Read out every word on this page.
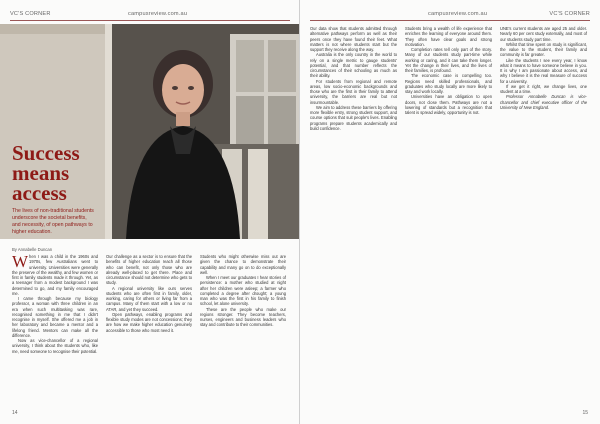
VC'S CORNER	campusreview.com.au
Success means access
The lives of non-traditional students underscore the societal benefits, and necessity, of open pathways to higher education.
By Annabelle Duncan

When I was a child in the 1960s and 1970s, few Australians went to university. Universities were generally the preserve of the wealthy, and few women or first in family students made it through. Yet, as a teenager from a modest background I was determined to go, and my family encouraged me.

I came through because my biology professor, a woman with three children in an era when such multitasking was rare, recognised something in me that I didn't recognise in myself. She offered me a job in her laboratory and became a mentor and a lifelong friend. Mentors can make all the difference.

Now as vice-chancellor of a regional university, I think about the students who, like me, need someone to recognise their potential.

Our challenge as a sector is to ensure that the benefits of higher education reach all those who can benefit, not only those who are already well-placed to get there. Place and circumstance should not determine who gets to study.

A regional university like ours serves students who are often first in family, older, working, caring for others or living far from a campus. Many of them start with a low or no ATAR, and yet they succeed.

Open pathways, enabling programs and flexible study modes are not concessions; they are how we make higher education genuinely accessible to those who most need it.

Students who might otherwise miss out are given the chance to demonstrate their capability and many go on to do exceptionally well.

When I meet our graduates I hear stories of persistence: a mother who studied at night after her children were asleep; a farmer who completed a degree after drought; a young man who was the first in his family to finish school, let alone university.

These are the people who make our regions stronger. They become teachers, nurses, engineers and business leaders who stay and contribute to their communities.

14
campusreview.com.au	VC'S CORNER

Our data show that students admitted through alternative pathways perform as well as their peers once they have found their feet. What matters is not where students start but the support they receive along the way.

Australia is the only country in the world to rely on a single metric to gauge students' potential, and that number reflects the circumstances of their schooling as much as their ability.

For students from regional and remote areas, low socio-economic backgrounds and those who are the first in their family to attend university, the barriers are real but not insurmountable.

We aim to address these barriers by offering more flexible entry, strong student support, and course options that suit people's lives. Enabling programs prepare students academically and build confidence.

Students bring a wealth of life experience that enriches the learning of everyone around them. They often have clear goals and strong motivation.

Completion rates tell only part of the story. Many of our students study part-time while working or caring, and it can take them longer. Yet the change in their lives, and the lives of their families, is profound.

The economic case is compelling too. Regions need skilled professionals, and graduates who study locally are more likely to stay and work locally.

Universities have an obligation to open doors, not close them. Pathways are not a lowering of standards but a recognition that talent is spread widely, opportunity is not.

UNE's current students are aged 25 and older. Nearly 60 per cent study externally, and most of our students study part time.

Whilst that time spent on study is significant, the value to the student, their family and community is far greater.

Like the students I see every year, I know what it means to have someone believe in you. It is why I am passionate about access, and why I believe it is the real measure of success for a university.

If we get it right, we change lives, one student at a time.

Professor Annabelle Duncan is vice-chancellor and chief executive officer of the University of New England.

15
